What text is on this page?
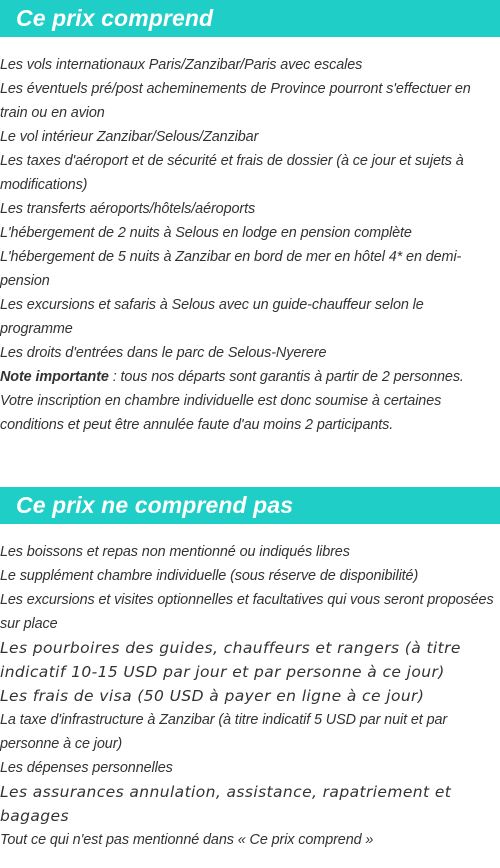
Ce prix comprend
Les vols internationaux Paris/Zanzibar/Paris avec escales
Les éventuels pré/post acheminements de Province pourront s'effectuer en train ou en avion
Le vol intérieur Zanzibar/Selous/Zanzibar
Les taxes d'aéroport et de sécurité et frais de dossier (à ce jour et sujets à modifications)
Les transferts aéroports/hôtels/aéroports
L'hébergement de 2 nuits à Selous en lodge en pension complète
L'hébergement de 5 nuits à Zanzibar en bord de mer en hôtel 4* en demi-pension
Les excursions et safaris à Selous avec un guide-chauffeur selon le programme
Les droits d'entrées dans le parc de Selous-Nyerere

Note importante : tous nos départs sont garantis à partir de 2 personnes. Votre inscription en chambre individuelle est donc soumise à certaines conditions et peut être annulée faute d'au moins 2 participants.

Ce prix ne comprend pas
Les boissons et repas non mentionné ou indiqués libres
Le supplément chambre individuelle (sous réserve de disponibilité)
Les excursions et visites optionnelles et facultatives qui vous seront proposées sur place
Les pourboires des guides, chauffeurs et rangers (à titre indicatif 10-15 USD par jour et par personne à ce jour)
Les frais de visa (50 USD à payer en ligne à ce jour)
La taxe d'infrastructure à Zanzibar (à titre indicatif 5 USD par nuit et par personne à ce jour)
Les dépenses personnelles
Les assurances annulation, assistance, rapatriement et bagages
Tout ce qui n'est pas mentionné dans « Ce prix comprend »
